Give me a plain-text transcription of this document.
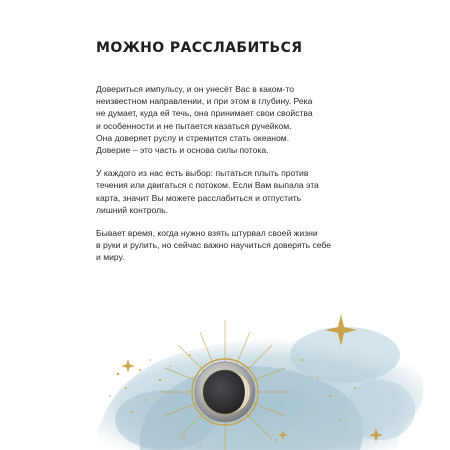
МОЖНО РАССЛАБИТЬСЯ

Довериться импульсу, и он унесёт Вас в каком-то
неизвестном направлении, и при этом в глубину. Река
не думает, куда ей течь, она принимает свои свойства
и особенности и не пытается казаться ручейком.
Она доверяет руслу и стремится стать океаном.
Доверие – это часть и основа силы потока.

У каждого из нас есть выбор: пытаться плыть против
течения или двигаться с потоком. Если Вам выпала эта
карта, значит Вы можете расслабиться и отпустить
лишний контроль.

Бывает время, когда нужно взять штурвал своей жизни
в руки и рулить, но сейчас важно научиться доверять себе
и миру.
